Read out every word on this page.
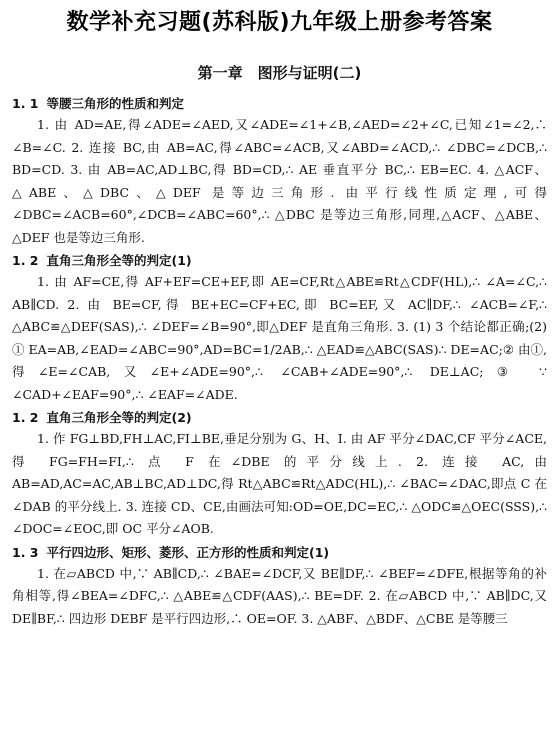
数学补充习题(苏科版)九年级上册参考答案
第一章　图形与证明(二)
1. 1 等腰三角形的性质和判定

1. 由 AD=AE,得∠ADE=∠AED,又∠ADE=∠1+∠B,∠AED=∠2+∠C,已知∠1=∠2,∴ ∠B=∠C. 2. 连接 BC,由 AB=AC,得∠ABC=∠ACB,又∠ABD=∠ACD,∴ ∠DBC=∠DCB,∴ BD=CD. 3. 由 AB=AC,AD⊥BC,得 BD=CD,∴ AE 垂直平分 BC,∴ EB=EC. 4. △ACF、△ABE、△DBC、△DEF 是等边三角形. 由平行线性质定理,可得∠DBC=∠ACB=60°,∠DCB=∠ABC=60°,∴ △DBC 是等边三角形,同理,△ACF、△ABE、△DEF 也是等边三角形.

1. 2 直角三角形全等的判定(1)

1. 由 AF=CE,得 AF+EF=CE+EF,即 AE=CF,Rt△ABE≌Rt△CDF(HL),∴ ∠A=∠C,∴ AB∥CD. 2. 由 BE=CF,得 BE+EC=CF+EC,即 BC=EF,又 AC∥DF,∴ ∠ACB=∠F,∴ △ABC≌△DEF(SAS),∴ ∠DEF=∠B=90°,即△DEF 是直角三角形. 3. (1) 3 个结论都正确;(2) ① EA=AB,∠EAD=∠ABC=90°,AD=BC=1/2AB,∴ △EAD≌△ABC(SAS)∴ DE=AC;② 由①,得∠E=∠CAB,又∠E+∠ADE=90°,∴ ∠CAB+∠ADE=90°,∴ DE⊥AC;③ ∵ ∠CAD+∠EAF=90°,∴ ∠EAF=∠ADE.

1. 2 直角三角形全等的判定(2)

1. 作 FG⊥BD,FH⊥AC,FI⊥BE,垂足分别为 G、H、I. 由 AF 平分∠DAC,CF 平分∠ACE,得 FG=FH=FI,∴ 点 F 在∠DBE 的平分线上. 2. 连接 AC,由 AB=AD,AC=AC,AB⊥BC,AD⊥DC,得 Rt△ABC≌Rt△ADC(HL),∴ ∠BAC=∠DAC,即点 C 在∠DAB 的平分线上. 3. 连接 CD、CE,由画法可知:OD=OE,DC=EC,∴ △ODC≌△OEC(SSS),∴ ∠DOC=∠EOC,即 OC 平分∠AOB.

1. 3 平行四边形、矩形、菱形、正方形的性质和判定(1)

1. 在▱ABCD 中,∵ AB∥CD,∴ ∠BAE=∠DCF,又 BE∥DF,∴ ∠BEF=∠DFE,根据等角的补角相等,得∠BEA=∠DFC,∴ △ABE≌△CDF(AAS),∴ BE=DF. 2. 在▱ABCD 中,∵ AB∥DC,又 DE∥BF,∴ 四边形 DEBF 是平行四边形,∴ OE=OF. 3. △ABF、△BDF、△CBE 是等腰三
